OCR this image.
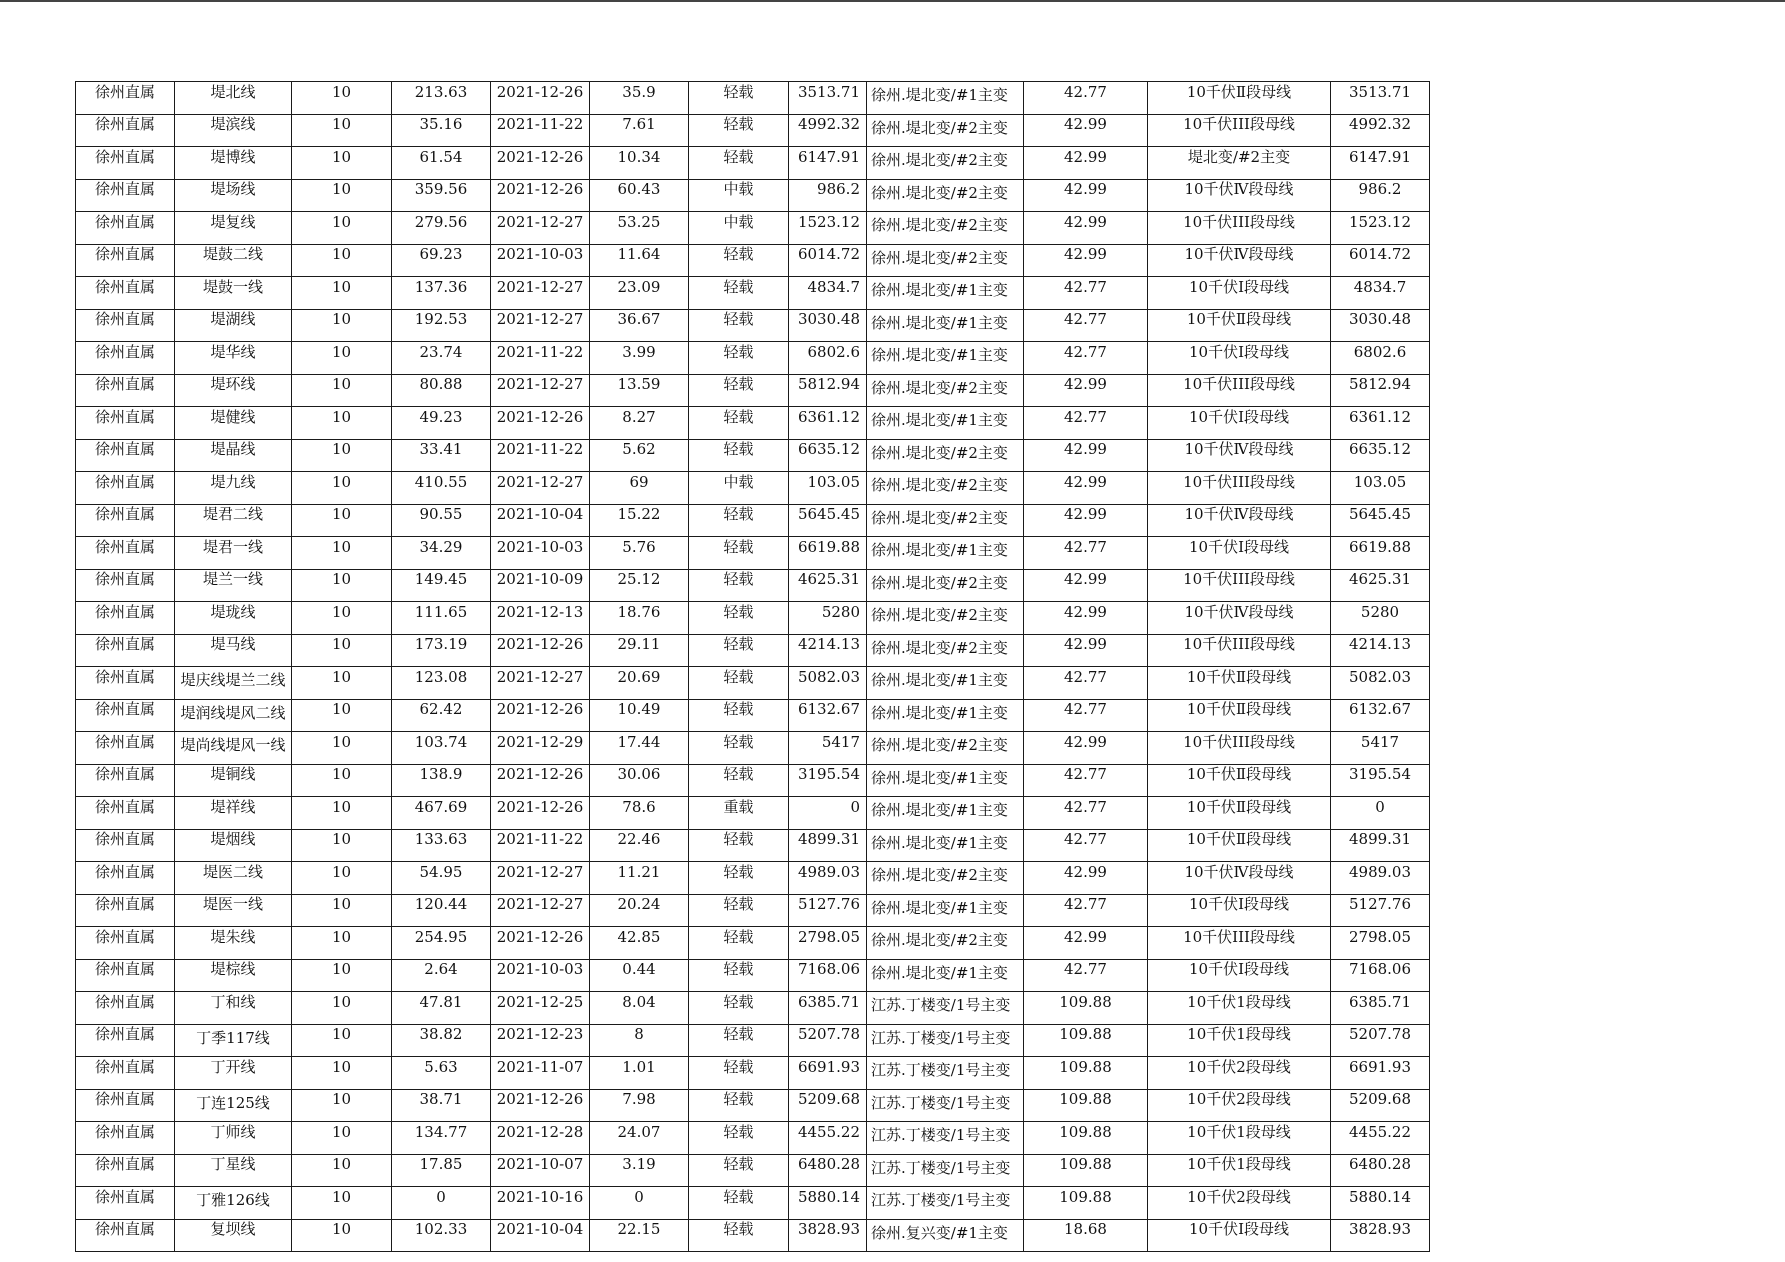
徐州直属	堤北线	10	213.63	2021-12-26	35.9	轻载	3513.71	徐州.堤北变/#1主变	42.77	10千伏Ⅱ段母线	3513.71

徐州直属	堤滨线	10	35.16	2021-11-22	7.61	轻载	4992.32	徐州.堤北变/#2主变	42.99	10千伏III段母线	4992.32

徐州直属	堤博线	10	61.54	2021-12-26	10.34	轻载	6147.91	徐州.堤北变/#2主变	42.99	堤北变/#2主变	6147.91

徐州直属	堤场线	10	359.56	2021-12-26	60.43	中载	986.2	徐州.堤北变/#2主变	42.99	10千伏Ⅳ段母线	986.2

徐州直属	堤复线	10	279.56	2021-12-27	53.25	中载	1523.12	徐州.堤北变/#2主变	42.99	10千伏III段母线	1523.12

徐州直属	堤鼓二线	10	69.23	2021-10-03	11.64	轻载	6014.72	徐州.堤北变/#2主变	42.99	10千伏Ⅳ段母线	6014.72

徐州直属	堤鼓一线	10	137.36	2021-12-27	23.09	轻载	4834.7	徐州.堤北变/#1主变	42.77	10千伏Ⅰ段母线	4834.7

徐州直属	堤湖线	10	192.53	2021-12-27	36.67	轻载	3030.48	徐州.堤北变/#1主变	42.77	10千伏Ⅱ段母线	3030.48

徐州直属	堤华线	10	23.74	2021-11-22	3.99	轻载	6802.6	徐州.堤北变/#1主变	42.77	10千伏Ⅰ段母线	6802.6

徐州直属	堤环线	10	80.88	2021-12-27	13.59	轻载	5812.94	徐州.堤北变/#2主变	42.99	10千伏III段母线	5812.94

徐州直属	堤健线	10	49.23	2021-12-26	8.27	轻载	6361.12	徐州.堤北变/#1主变	42.77	10千伏Ⅰ段母线	6361.12

徐州直属	堤晶线	10	33.41	2021-11-22	5.62	轻载	6635.12	徐州.堤北变/#2主变	42.99	10千伏Ⅳ段母线	6635.12

徐州直属	堤九线	10	410.55	2021-12-27	69	中载	103.05	徐州.堤北变/#2主变	42.99	10千伏III段母线	103.05

徐州直属	堤君二线	10	90.55	2021-10-04	15.22	轻载	5645.45	徐州.堤北变/#2主变	42.99	10千伏Ⅳ段母线	5645.45

徐州直属	堤君一线	10	34.29	2021-10-03	5.76	轻载	6619.88	徐州.堤北变/#1主变	42.77	10千伏Ⅰ段母线	6619.88

徐州直属	堤兰一线	10	149.45	2021-10-09	25.12	轻载	4625.31	徐州.堤北变/#2主变	42.99	10千伏III段母线	4625.31

徐州直属	堤珑线	10	111.65	2021-12-13	18.76	轻载	5280	徐州.堤北变/#2主变	42.99	10千伏Ⅳ段母线	5280

徐州直属	堤马线	10	173.19	2021-12-26	29.11	轻载	4214.13	徐州.堤北变/#2主变	42.99	10千伏III段母线	4214.13

徐州直属	堤庆线堤兰二线	10	123.08	2021-12-27	20.69	轻载	5082.03	徐州.堤北变/#1主变	42.77	10千伏Ⅱ段母线	5082.03

徐州直属	堤润线堤风二线	10	62.42	2021-12-26	10.49	轻载	6132.67	徐州.堤北变/#1主变	42.77	10千伏Ⅱ段母线	6132.67

徐州直属	堤尚线堤风一线	10	103.74	2021-12-29	17.44	轻载	5417	徐州.堤北变/#2主变	42.99	10千伏III段母线	5417

徐州直属	堤铜线	10	138.9	2021-12-26	30.06	轻载	3195.54	徐州.堤北变/#1主变	42.77	10千伏Ⅱ段母线	3195.54

徐州直属	堤祥线	10	467.69	2021-12-26	78.6	重载	0	徐州.堤北变/#1主变	42.77	10千伏Ⅱ段母线	0

徐州直属	堤烟线	10	133.63	2021-11-22	22.46	轻载	4899.31	徐州.堤北变/#1主变	42.77	10千伏Ⅱ段母线	4899.31

徐州直属	堤医二线	10	54.95	2021-12-27	11.21	轻载	4989.03	徐州.堤北变/#2主变	42.99	10千伏Ⅳ段母线	4989.03

徐州直属	堤医一线	10	120.44	2021-12-27	20.24	轻载	5127.76	徐州.堤北变/#1主变	42.77	10千伏Ⅰ段母线	5127.76

徐州直属	堤朱线	10	254.95	2021-12-26	42.85	轻载	2798.05	徐州.堤北变/#2主变	42.99	10千伏III段母线	2798.05

徐州直属	堤棕线	10	2.64	2021-10-03	0.44	轻载	7168.06	徐州.堤北变/#1主变	42.77	10千伏Ⅰ段母线	7168.06

徐州直属	丁和线	10	47.81	2021-12-25	8.04	轻载	6385.71	江苏.丁楼变/1号主变	109.88	10千伏1段母线	6385.71

徐州直属	丁季117线	10	38.82	2021-12-23	8	轻载	5207.78	江苏.丁楼变/1号主变	109.88	10千伏1段母线	5207.78

徐州直属	丁开线	10	5.63	2021-11-07	1.01	轻载	6691.93	江苏.丁楼变/1号主变	109.88	10千伏2段母线	6691.93

徐州直属	丁连125线	10	38.71	2021-12-26	7.98	轻载	5209.68	江苏.丁楼变/1号主变	109.88	10千伏2段母线	5209.68

徐州直属	丁师线	10	134.77	2021-12-28	24.07	轻载	4455.22	江苏.丁楼变/1号主变	109.88	10千伏1段母线	4455.22

徐州直属	丁星线	10	17.85	2021-10-07	3.19	轻载	6480.28	江苏.丁楼变/1号主变	109.88	10千伏1段母线	6480.28

徐州直属	丁雅126线	10	0	2021-10-16	0	轻载	5880.14	江苏.丁楼变/1号主变	109.88	10千伏2段母线	5880.14

徐州直属	复坝线	10	102.33	2021-10-04	22.15	轻载	3828.93	徐州.复兴变/#1主变	18.68	10千伏Ⅰ段母线	3828.93
